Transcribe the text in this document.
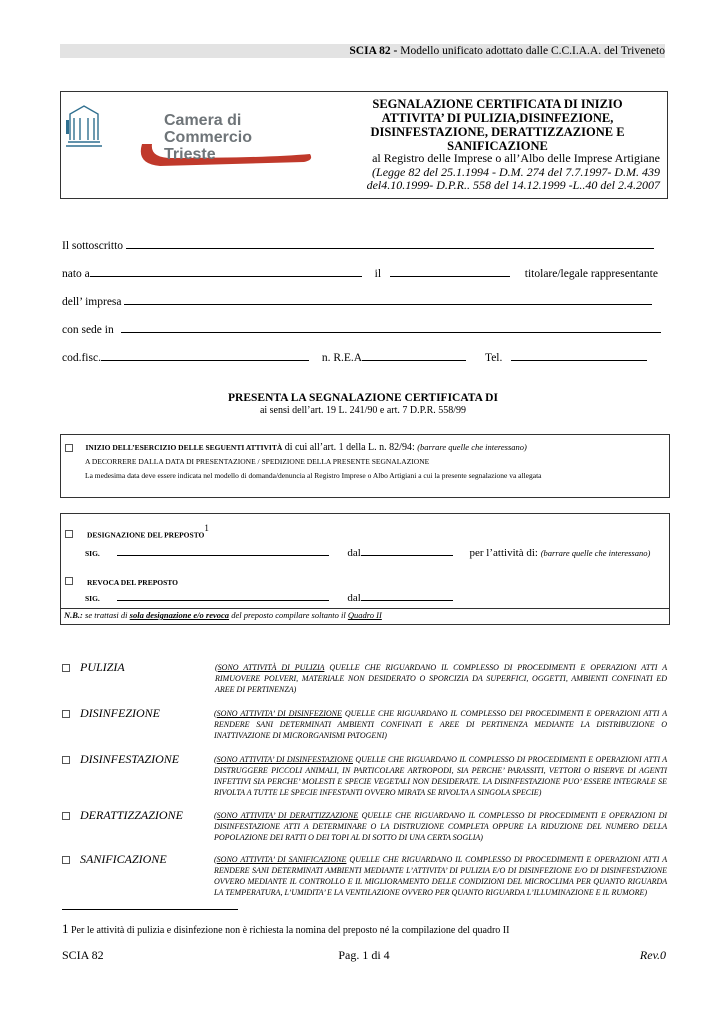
SCIA 82 - Modello unificato adottato dalle C.C.I.A.A. del Triveneto
Camera di Commercio
Trieste
SEGNALAZIONE CERTIFICATA DI INIZIO
ATTIVITA’ DI PULIZIA,DISINFEZIONE,
DISINFESTAZIONE, DERATTIZZAZIONE E
SANIFICAZIONE
al Registro delle Imprese o all’Albo delle Imprese Artigiane
(Legge 82 del 25.1.1994 - D.M. 274 del 7.7.1997- D.M. 439
del4.10.1999- D.P.R.. 558 del 14.12.1999 -L..40 del 2.4.2007
Il sottoscritto
nato a	il	titolare/legale rappresentante
dell’ impresa
con sede in
cod.fisc.	n. R.E.A	Tel.
PRESENTA LA SEGNALAZIONE CERTIFICATA DI
ai sensi dell’art. 19 L. 241/90 e art. 7 D.P.R. 558/99
INIZIO DELL’ESERCIZIO DELLE SEGUENTI ATTIVITÀ di cui all’art. 1 della L. n. 82/94: (barrare quelle che interessano)
A DECORRERE DALLA DATA DI PRESENTAZIONE / SPEDIZIONE DELLA PRESENTE SEGNALAZIONE
La medesima data deve essere indicata nel modello di domanda/denuncia al Registro Imprese o Albo Artigiani a cui la presente segnalazione va allegata
DESIGNAZIONE DEL PREPOSTO$^1$
SIG.	dal	per l’attività di: (barrare quelle che interessano)
REVOCA DEL PREPOSTO
SIG.	dal
N.B.: se trattasi di sola designazione e/o revoca del preposto compilare soltanto il Quadro II
PULIZIA	(SONO ATTIVITÀ DI PULIZIA QUELLE CHE RIGUARDANO IL COMPLESSO DI PROCEDIMENTI E OPERAZIONI ATTI A RIMUOVERE POLVERI, MATERIALE NON DESIDERATO O SPORCIZIA DA SUPERFICI, OGGETTI, AMBIENTI CONFINATI ED AREE DI PERTINENZA)
DISINFEZIONE	(SONO ATTIVITA’ DI DISINFEZIONE QUELLE CHE RIGUARDANO IL COMPLESSO DEI PROCEDIMENTI E OPERAZIONI ATTI A RENDERE SANI DETERMINATI AMBIENTI CONFINATI E AREE DI PERTINENZA MEDIANTE LA DISTRIBUZIONE O INATTIVAZIONE DI MICRORGANISMI PATOGENI)
DISINFESTAZIONE	(SONO ATTIVITA’ DI DISINFESTAZIONE QUELLE CHE RIGUARDANO IL COMPLESSO DI PROCEDIMENTI E OPERAZIONI ATTI A DISTRUGGERE PICCOLI ANIMALI, IN PARTICOLARE ARTROPODI, SIA PERCHE’ PARASSITI, VETTORI O RISERVE DI AGENTI INFETTIVI SIA PERCHE’ MOLESTI E SPECIE VEGETALI NON DESIDERATE. LA DISINFESTAZIONE PUO’ ESSERE INTEGRALE SE RIVOLTA A TUTTE LE SPECIE INFESTANTI OVVERO MIRATA SE RIVOLTA A SINGOLA SPECIE)
DERATTIZZAZIONE	(SONO ATTIVITA’ DI DERATTIZZAZIONE QUELLE CHE RIGUARDANO IL COMPLESSO DI PROCEDIMENTI E OPERAZIONI DI DISINFESTAZIONE ATTI A DETERMINARE O LA DISTRUZIONE COMPLETA OPPURE LA RIDUZIONE DEL NUMERO DELLA POPOLAZIONE DEI RATTI O DEI TOPI AL DI SOTTO DI UNA CERTA SOGLIA)
SANIFICAZIONE	(SONO ATTIVITA’ DI SANIFICAZIONE QUELLE CHE RIGUARDANO IL COMPLESSO DI PROCEDIMENTI E OPERAZIONI ATTI A RENDERE SANI DETERMINATI AMBIENTI MEDIANTE L’ATTIVITA’ DI PULIZIA E/O DI DISINFEZIONE E/O DI DISINFESTAZIONE OVVERO MEDIANTE IL CONTROLLO E IL MIGLIORAMENTO DELLE CONDIZIONI DEL MICROCLIMA PER QUANTO RIGUARDA LA TEMPERATURA, L’UMIDITA’ E LA VENTILAZIONE OVVERO PER QUANTO RIGUARDA L’ILLUMINAZIONE E IL RUMORE)
1 Per le attività di pulizia e disinfezione non è richiesta la nomina del preposto né la compilazione del quadro II
SCIA 82	Pag. 1 di 4	Rev.0
